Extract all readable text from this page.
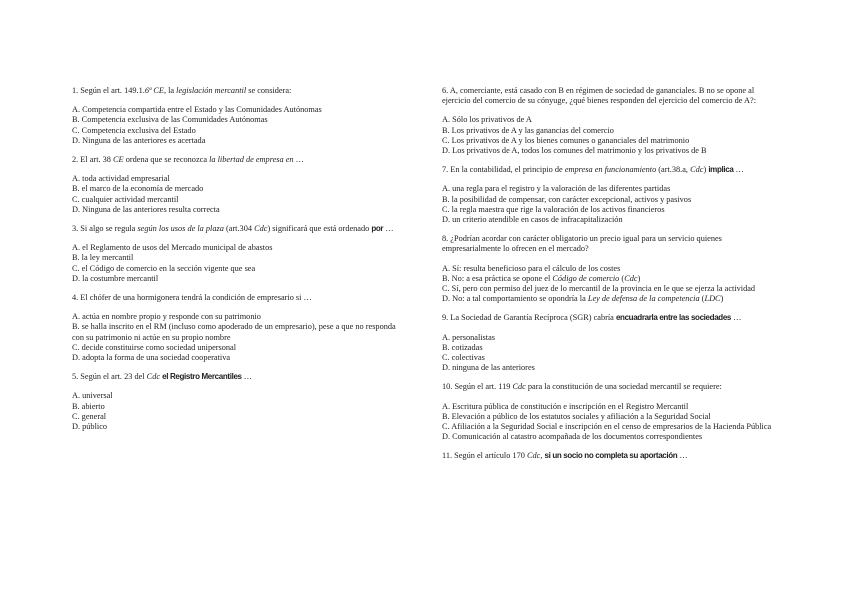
1. Según el art. 149.1.6ª CE, la legislación mercantil se considera:
A. Competencia compartida entre el Estado y las Comunidades Autónomas
B. Competencia exclusiva de las Comunidades Autónomas
C. Competencia exclusiva del Estado
D. Ninguna de las anteriores es acertada
2. El art. 38 CE ordena que se reconozca la libertad de empresa en …
A. toda actividad empresarial
B. el marco de la economía de mercado
C. cualquier actividad mercantil
D. Ninguna de las anteriores resulta correcta
3. Si algo se regula según los usos de la plaza (art.304 Cdc) significará que está ordenado por …
A. el Reglamento de usos del Mercado municipal de abastos
B. la ley mercantil
C. el Código de comercio en la sección vigente que sea
D. la costumbre mercantil
4. El chófer de una hormigonera tendrá la condición de empresario si …
A. actúa en nombre propio y responde con su patrimonio
B. se halla inscrito en el RM (incluso como apoderado de un empresario), pese a que no responda con su patrimonio ni actúe en su propio nombre
C. decide constituirse como sociedad unipersonal
D. adopta la forma de una sociedad cooperativa
5. Según el art. 23 del Cdc el Registro Mercantiles …
A. universal
B. abierto
C. general
D. público
6. A, comerciante, está casado con B en régimen de sociedad de gananciales. B no se opone al ejercicio del comercio de su cónyuge, ¿qué bienes responden del ejercicio del comercio de A?:
A. Sólo los privativos de A
B. Los privativos de A y las ganancias del comercio
C. Los privativos de A y los bienes comunes o gananciales del matrimonio
D. Los privativos de A, todos los comunes del matrimonio y los privativos de B
7. En la contabilidad, el principio de empresa en funcionamiento (art.38.a, Cdc) implica …
A. una regla para el registro y la valoración de las diferentes partidas
B. la posibilidad de compensar, con carácter excepcional, activos y pasivos
C. la regla maestra que rige la valoración de los activos financieros
D. un criterio atendible en casos de infracapitalización
8. ¿Podrían acordar con carácter obligatorio un precio igual para un servicio quienes empresarialmente lo ofrecen en el mercado?
A. Sí: resulta beneficioso para el cálculo de los costes
B. No: a esa práctica se opone el Código de comercio (Cdc)
C. Sí, pero con permiso del juez de lo mercantil de la provincia en le que se ejerza la actividad
D. No: a tal comportamiento se opondría la Ley de defensa de la competencia (LDC)
9. La Sociedad de Garantía Recíproca (SGR) cabría encuadrarla entre las sociedades …
A. personalistas
B. cotizadas
C. colectivas
D. ninguna de las anteriores
10. Según el art. 119 Cdc para la constitución de una sociedad mercantil se requiere:
A. Escritura pública de constitución e inscripción en el Registro Mercantil
B. Elevación a público de los estatutos sociales y afiliación a la Seguridad Social
C. Afiliación a la Seguridad Social e inscripción en el censo de empresarios de la Hacienda Pública
D. Comunicación al catastro acompañada de los documentos correspondientes
11. Según el artículo 170 Cdc, si un socio no completa su aportación …
